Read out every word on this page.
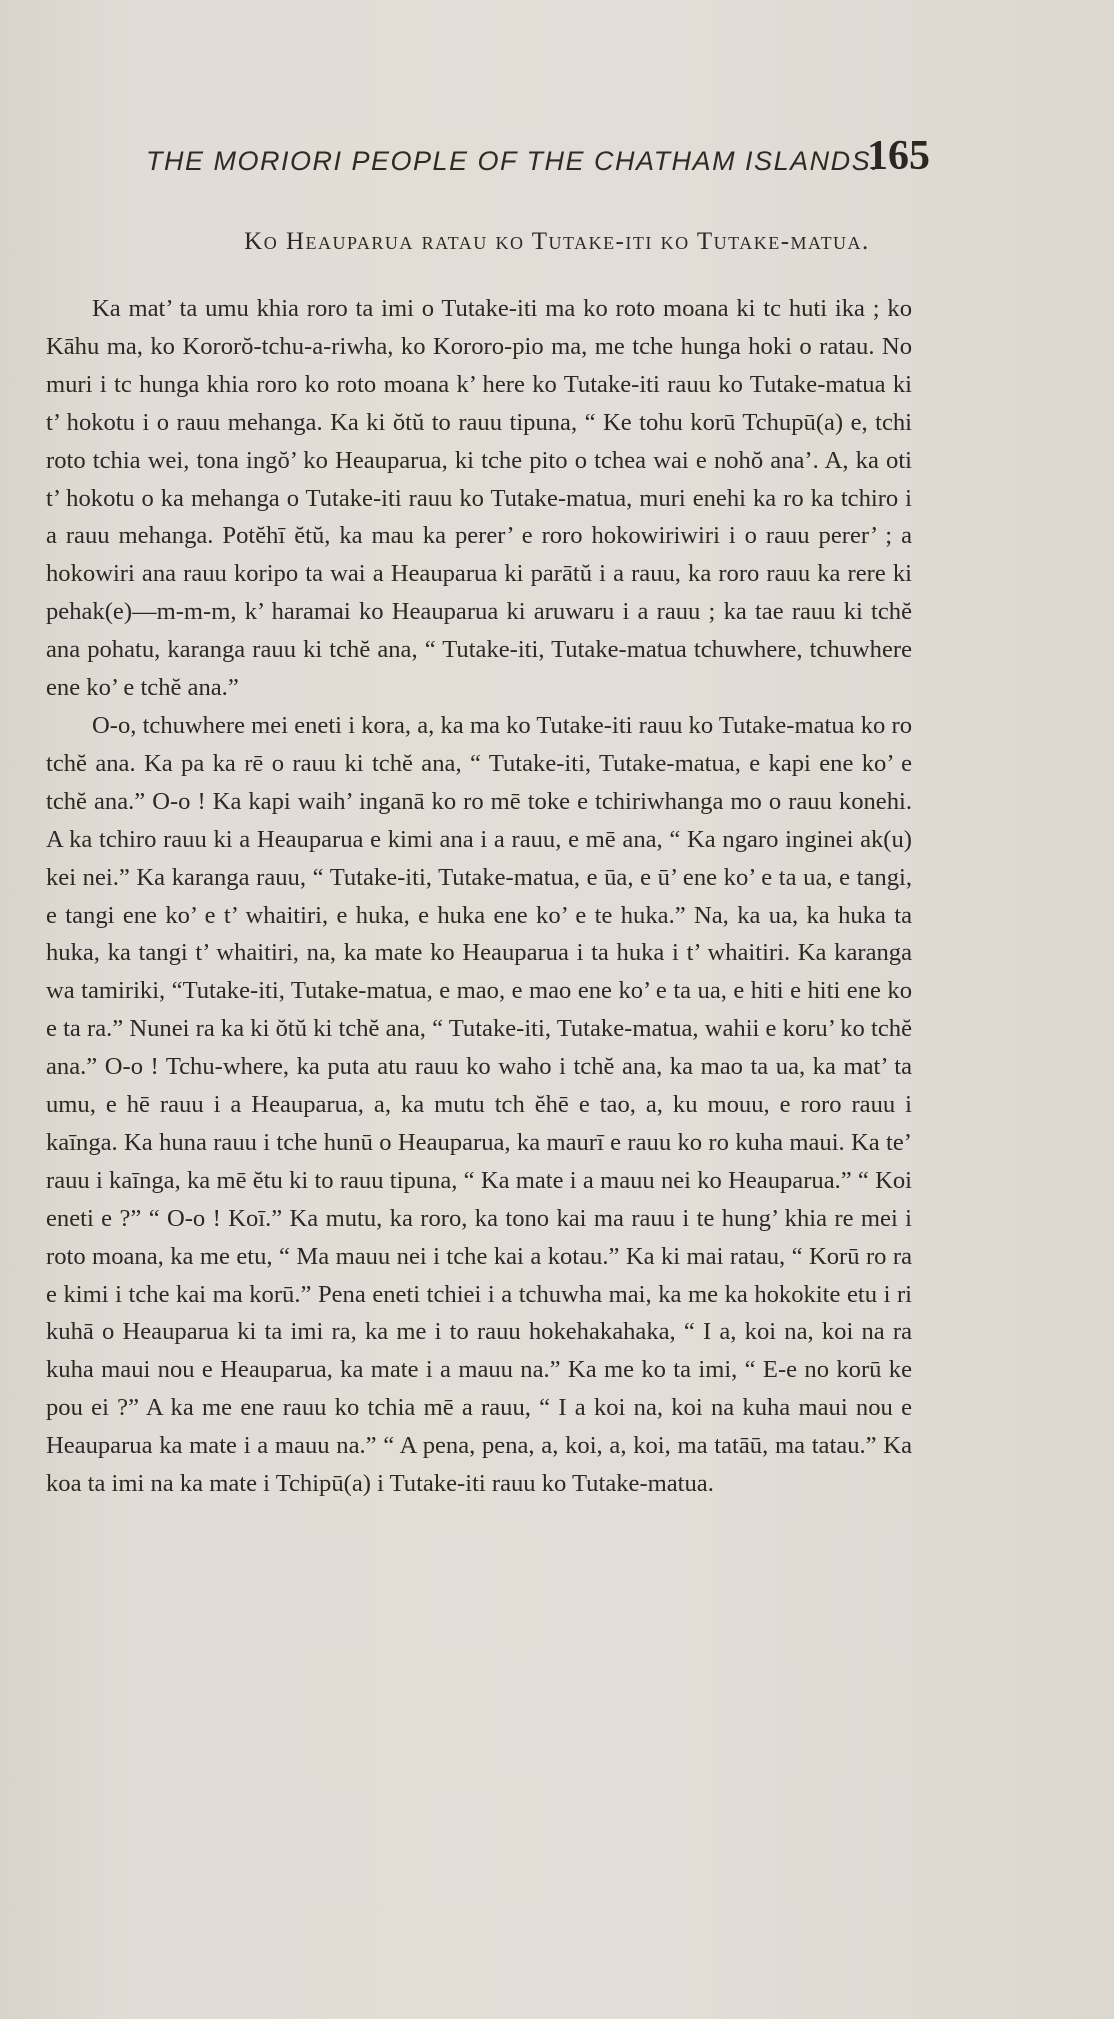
THE MORIORI PEOPLE OF THE CHATHAM ISLANDS.
165
Ko Heauparua ratau ko Tutake-iti ko Tutake-matua.

Ka mat’ ta umu khia roro ta imi o Tutake-iti ma ko roto moana ki tc huti ika ; ko Kāhu ma, ko Kororŏ-tchu-a-riwha, ko Kororo-pio ma, me tche hunga hoki o ratau. No muri i tc hunga khia roro ko roto moana k’ here ko Tutake-iti rauu ko Tutake-matua ki t’ hokotu i o rauu mehanga. Ka ki ŏtŭ to rauu tipuna, “ Ke tohu korū Tchupū(a) e, tchi roto tchia wei, tona ingŏ’ ko Heauparua, ki tche pito o tchea wai e nohŏ ana’. A, ka oti t’ hokotu o ka mehanga o Tutake-iti rauu ko Tutake-matua, muri enehi ka ro ka tchiro i a rauu mehanga. Potĕhī ĕtŭ, ka mau ka perer’ e roro hokowiriwiri i o rauu perer’ ; a hokowiri ana rauu koripo ta wai a Heauparua ki parātŭ i a rauu, ka roro rauu ka rere ki pehak(e)—m-m-m, k’ haramai ko Heauparua ki aruwaru i a rauu ; ka tae rauu ki tchĕ ana pohatu, karanga rauu ki tchĕ ana, “ Tutake-iti, Tutake-matua tchuwhere, tchuwhere ene ko’ e tchĕ ana.”

O-o, tchuwhere mei eneti i kora, a, ka ma ko Tutake-iti rauu ko Tutake-matua ko ro tchĕ ana. Ka pa ka rē o rauu ki tchĕ ana, “ Tutake-iti, Tutake-matua, e kapi ene ko’ e tchĕ ana.” O-o ! Ka kapi waih’ inganā ko ro mē toke e tchiriwhanga mo o rauu konehi. A ka tchiro rauu ki a Heauparua e kimi ana i a rauu, e mē ana, “ Ka ngaro inginei ak(u) kei nei.” Ka karanga rauu, “ Tutake-iti, Tutake-matua, e ūa, e ū’ ene ko’ e ta ua, e tangi, e tangi ene ko’ e t’ whaitiri, e huka, e huka ene ko’ e te huka.” Na, ka ua, ka huka ta huka, ka tangi t’ whaitiri, na, ka mate ko Heauparua i ta huka i t’ whaitiri. Ka karanga wa tamiriki, “Tutake-iti, Tutake-matua, e mao, e mao ene ko’ e ta ua, e hiti e hiti ene ko e ta ra.” Nunei ra ka ki ŏtŭ ki tchĕ ana, “ Tutake-iti, Tutake-matua, wahii e koru’ ko tchĕ ana.” O-o ! Tchu-where, ka puta atu rauu ko waho i tchĕ ana, ka mao ta ua, ka mat’ ta umu, e hē rauu i a Heauparua, a, ka mutu tch ĕhē e tao, a, ku mouu, e roro rauu i kaīnga. Ka huna rauu i tche hunū o Heauparua, ka maurī e rauu ko ro kuha maui. Ka te’ rauu i kaīnga, ka mē ĕtu ki to rauu tipuna, “ Ka mate i a mauu nei ko Heauparua.” “ Koi eneti e ?” “ O-o ! Koī.” Ka mutu, ka roro, ka tono kai ma rauu i te hung’ khia re mei i roto moana, ka me etu, “ Ma mauu nei i tche kai a kotau.” Ka ki mai ratau, “ Korū ro ra e kimi i tche kai ma korū.” Pena eneti tchiei i a tchuwha mai, ka me ka hokokite etu i ri kuhā o Heauparua ki ta imi ra, ka me i to rauu hokehakahaka, “ I a, koi na, koi na ra kuha maui nou e Heauparua, ka mate i a mauu na.” Ka me ko ta imi, “ E-e no korū ke pou ei ?” A ka me ene rauu ko tchia mē a rauu, “ I a koi na, koi na kuha maui nou e Heauparua ka mate i a mauu na.” “ A pena, pena, a, koi, a, koi, ma tatāū, ma tatau.” Ka koa ta imi na ka mate i Tchipū(a) i Tutake-iti rauu ko Tutake-matua.
